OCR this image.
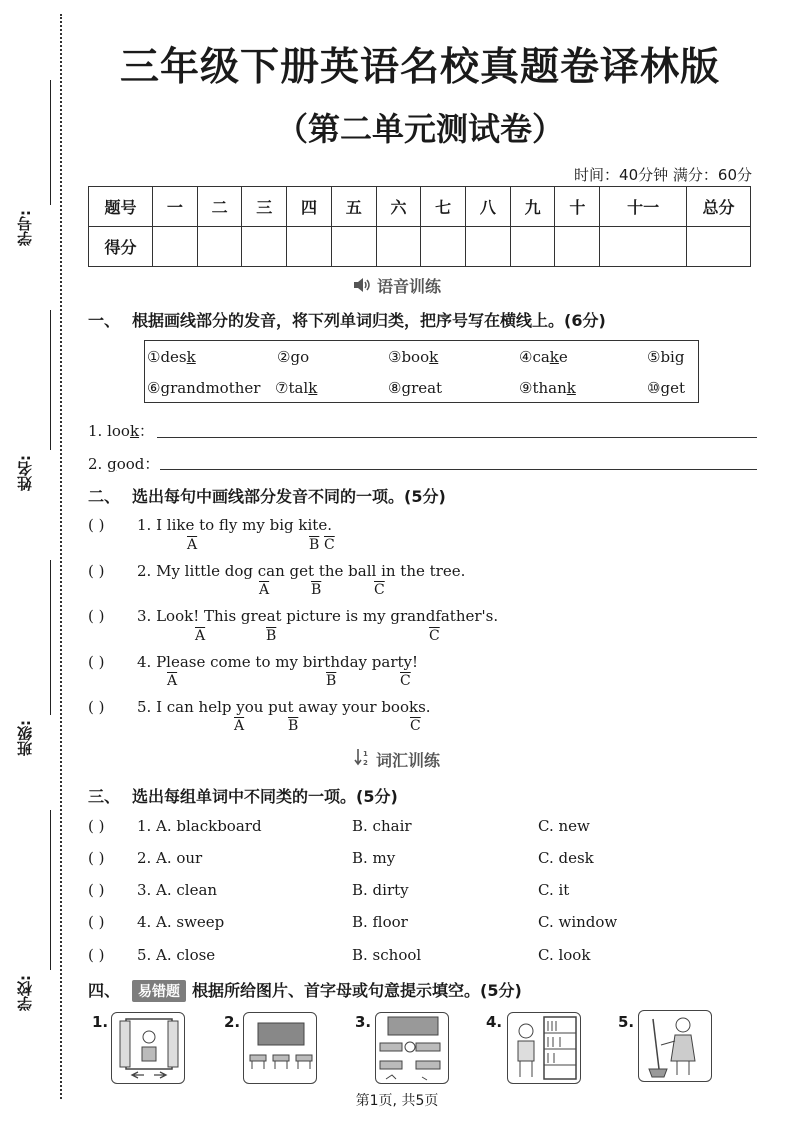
学号:
姓名:
班级:
学校:
三年级下册英语名校真题卷译林版
（第二单元测试卷）
时间：40分钟 满分：60分
题号	一	二	三	四	五	六	七	八	九	十	十一	总分
得分												
语音训练
一、 根据画线部分的发音，将下列单词归类，把序号写在横线上。(6分)
①desk	②go	③book	④cake	⑤big
⑥grandmother ⑦talk	⑧great	⑨thank	⑩get
1. look：
2. good：
二、 选出每句中画线部分发音不同的一项。(5分)
( ) 1. I like to fly my big kite.
$\overline{A}$	$\overline{B}$ $\overline{C}$
( ) 2. My little dog can get the ball in the tree.
$\overline{A}$	$\overline{B}$	$\overline{C}$
( ) 3. Look! This great picture is my grandfather's.
$\overline{A}$	$\overline{B}$	$\overline{C}$
( ) 4. Please come to my birthday party!
$\overline{A}$	$\overline{B}$	$\overline{C}$
( ) 5. I can help you put away your books.
$\overline{A}$	$\overline{B}$	$\overline{C}$
1
2 词汇训练
三、 选出每组单词中不同类的一项。(5分)
( ) 1. A. blackboard	B. chair	C. new
( ) 2. A. our	B. my	C. desk
( ) 3. A. clean	B. dirty	C. it
( ) 4. A. sweep	B. floor	C. window
( ) 5. A. close	B. school	C. look
四、 易错题 根据所给图片、首字母或句意提示填空。(5分)
1.	2.	3.	4.	5.
第1页, 共5页
